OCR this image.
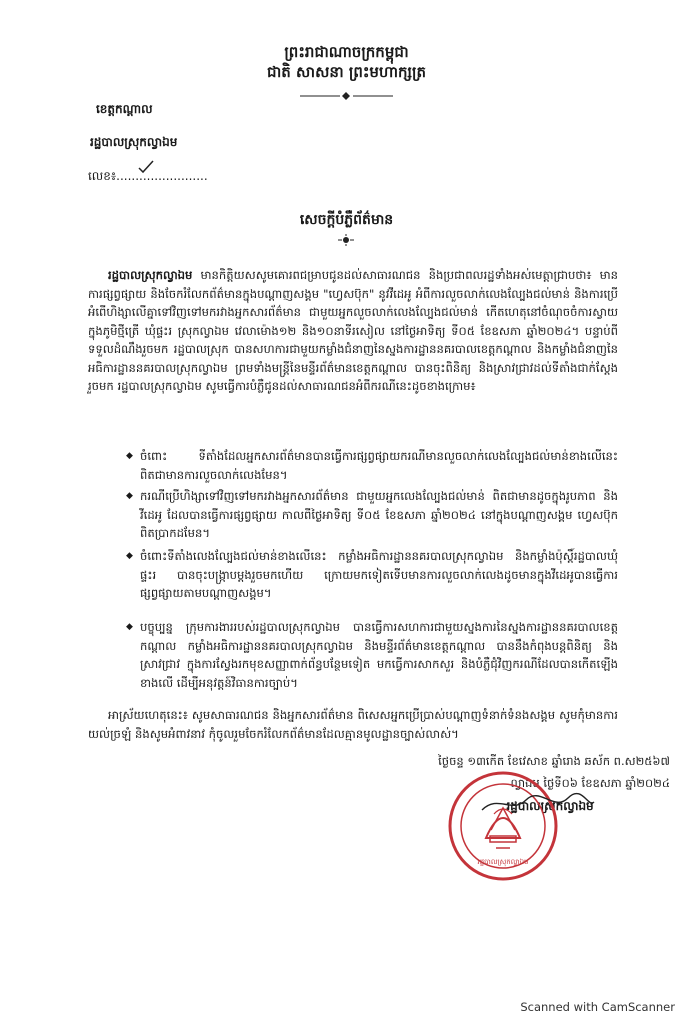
ព្រះរាជាណាចក្រកម្ពុជា
ជាតិ សាសនា ព្រះមហាក្សត្រ
ខេត្តកណ្ដាល
រដ្ឋបាលស្រុកល្វាឯម
លេខ៖........................
សេចក្តីបំភ្លឺព័ត៌មាន
រដ្ឋបាលស្រុកល្វាឯម មានកិត្តិយសសូមគោរពជម្រាបជូនដល់សាធារណជន និងប្រជាពលរដ្ឋទាំងអស់មេត្តាជ្រាបថា៖ មានការផ្សព្វផ្សាយ និងចែករំលែកព័ត៌មានក្នុងបណ្ដាញសង្គម "ហ្វេសប៊ុក" នូវវីដេអូ អំពីការលួចលាក់លេងល្បែងជល់មាន់ និងការប្រើអំពើហិង្សាលើគ្នាទៅវិញទៅមករវាងអ្នកសារព័ត៌មាន ជាមួយអ្នកលួចលាក់លេងល្បែងជល់មាន់ កើតហេតុនៅចំណុចចំការស្វាយ ក្នុងភូមិថ្មីត្រើ ឃុំផ្ទះរ ស្រុកល្វាឯម វេលាម៉ោង១២ និង១០នាទីរសៀល នៅថ្ងៃអាទិត្យ ទី០៥ ខែឧសភា ឆ្នាំ២០២៤។ បន្ទាប់ពីទទួលដំណឹងរួចមក រដ្ឋបាលស្រុក បានសហការជាមួយកម្លាំងជំនាញនៃស្នងការដ្ឋាននគរបាលខេត្តកណ្ដាល និងកម្លាំងជំនាញនៃអធិការដ្ឋាននគរបាលស្រុកល្វាឯម ព្រមទាំងមន្ត្រីនៃមន្ទីរព័ត៌មានខេត្តកណ្ដាល បានចុះពិនិត្យ និងស្រាវជ្រាវដល់ទីតាំងជាក់ស្តែងរួចមក រដ្ឋបាលស្រុកល្វាឯម សូមធ្វើការបំភ្លឺជូនដល់សាធារណជនអំពីករណីនេះដូចខាងក្រោម៖
◆ ចំពោះ ទីតាំងដែលអ្នកសារព័ត៌មានបានធ្វើការផ្សព្វផ្សាយករណីមានលួចលាក់លេងល្បែងជល់មាន់ខាងលើនេះ ពិតជាមានការលួចលាក់លេងមែន។
◆ ករណីប្រើហិង្សាទៅវិញទៅមករវាងអ្នកសារព័ត៌មាន ជាមួយអ្នកលេងល្បែងជល់មាន់ ពិតជាមានដូចក្នុងរូបភាព និងវីដេអូ ដែលបានធ្វើការផ្សព្វផ្សាយ កាលពីថ្ងៃអាទិត្យ ទី០៥ ខែឧសភា ឆ្នាំ២០២៤ នៅក្នុងបណ្ដាញសង្គម ហ្វេសប៊ុក ពិតប្រាកដមែន។
◆ ចំពោះទីតាំងលេងល្បែងជល់មាន់ខាងលើនេះ កម្លាំងអធិការដ្ឋាននគរបាលស្រុកល្វាឯម និងកម្លាំងប៉ុស្តិ៍រដ្ឋបាលឃុំផ្ទះរ បានចុះបង្ក្រាបម្តងរួចមកហើយ ក្រោយមកទៀតទើបមានការលួចលាក់លេងដូចមានក្នុងវីដេអូបានធ្វើការផ្សព្វផ្សាយតាមបណ្ដាញសង្គម។
◆ បច្ចុប្បន្ន ក្រុមការងាររបស់រដ្ឋបាលស្រុកល្វាឯម បានធ្វើការសហការជាមួយស្នងការនៃស្នងការដ្ឋាននគរបាលខេត្តកណ្ដាល កម្លាំងអធិការដ្ឋាននគរបាលស្រុកល្វាឯម និងមន្ទីរព័ត៌មានខេត្តកណ្ដាល បាននឹងកំពុងបន្តពិនិត្យ និងស្រាវជ្រាវ ក្នុងការស្វែងរកមុខសញ្ញាពាក់ព័ន្ធបន្ថែមទៀត មកធ្វើការសាកសួរ និងបំភ្លឺជុំវិញករណីដែលបានកើតឡើងខាងលើ ដើម្បីអនុវត្តន៍វិធានការច្បាប់។
អាស្រ័យហេតុនេះ៖ សូមសាធារណជន និងអ្នកសារព័ត៌មាន ពិសេសអ្នកប្រើប្រាស់បណ្ដាញទំនាក់ទំនងសង្គម សូមកុំមានការយល់ច្រឡំ និងសូមអំពាវនាវ កុំចូលរួមចែករំលែកព័ត៌មានដែលគ្មានមូលដ្ឋានច្បាស់លាស់។
ថ្ងៃចន្ទ ១៣កើត ខែវេសាខ ឆ្នាំរោង ឆស័ក ព.ស២៥៦៧
ល្វាឯម ថ្ងៃទី០៦ ខែឧសភា ឆ្នាំ២០២៤
រដ្ឋបាលស្រុកល្វាឯម
រដ្ឋបាលស្រុកល្វាឯម
Scanned with CamScanner
